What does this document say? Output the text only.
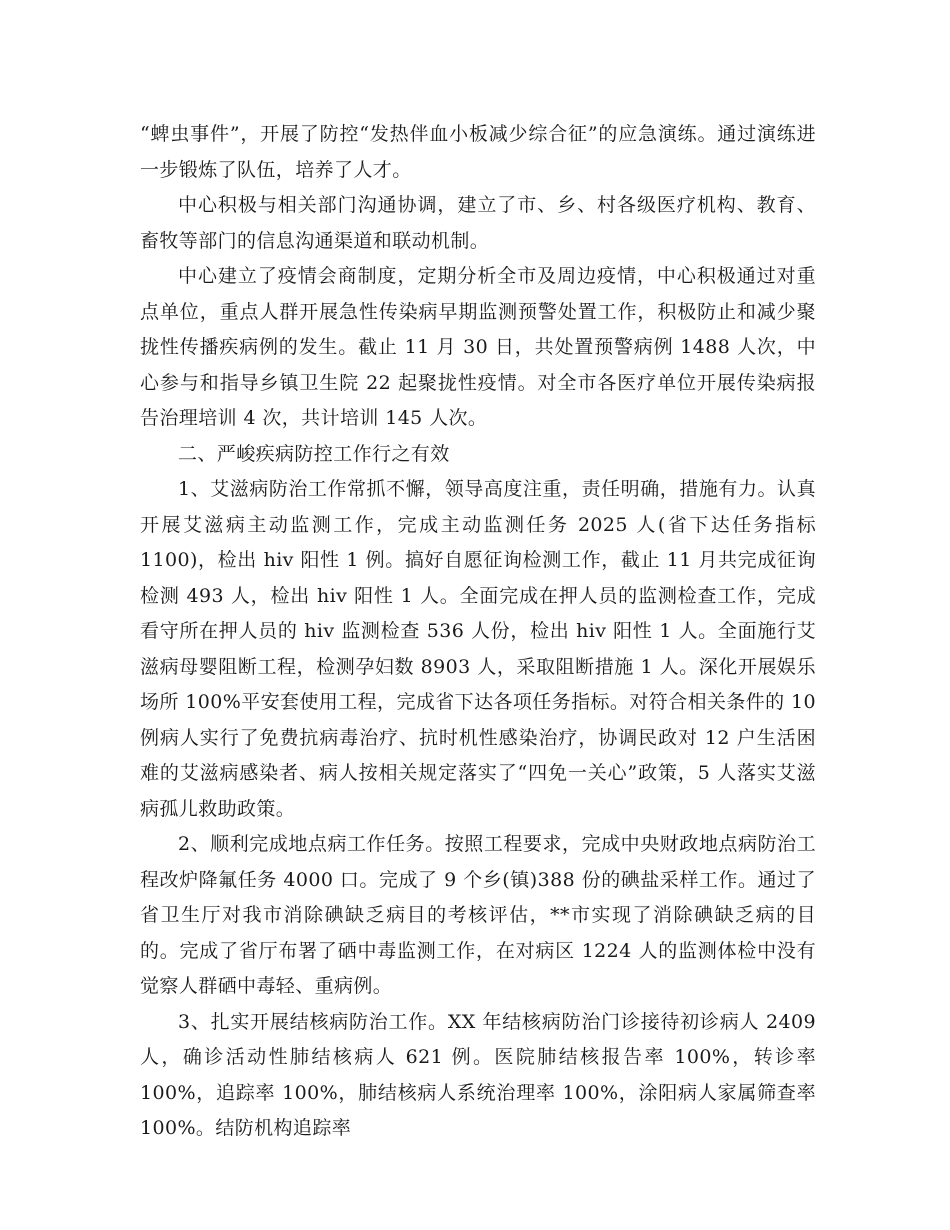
“蜱虫事件”，开展了防控“发热伴血小板减少综合征”的应急演练。通过演练进一步锻炼了队伍，培养了人才。

中心积极与相关部门沟通协调，建立了市、乡、村各级医疗机构、教育、畜牧等部门的信息沟通渠道和联动机制。

中心建立了疫情会商制度，定期分析全市及周边疫情，中心积极通过对重点单位，重点人群开展急性传染病早期监测预警处置工作，积极防止和减少聚拢性传播疾病例的发生。截止 11 月 30 日，共处置预警病例 1488 人次，中心参与和指导乡镇卫生院 22 起聚拢性疫情。对全市各医疗单位开展传染病报告治理培训 4 次，共计培训 145 人次。

二、严峻疾病防控工作行之有效

1、艾滋病防治工作常抓不懈，领导高度注重，责任明确，措施有力。认真开展艾滋病主动监测工作，完成主动监测任务 2025 人(省下达任务指标 1100)，检出 hiv 阳性 1 例。搞好自愿征询检测工作，截止 11 月共完成征询检测 493 人，检出 hiv 阳性 1 人。全面完成在押人员的监测检查工作，完成看守所在押人员的 hiv 监测检查 536 人份，检出 hiv 阳性 1 人。全面施行艾滋病母婴阻断工程，检测孕妇数 8903 人，采取阻断措施 1 人。深化开展娱乐场所 100%平安套使用工程，完成省下达各项任务指标。对符合相关条件的 10 例病人实行了免费抗病毒治疗、抗时机性感染治疗，协调民政对 12 户生活困难的艾滋病感染者、病人按相关规定落实了“四免一关心”政策，5 人落实艾滋病孤儿救助政策。

2、顺利完成地点病工作任务。按照工程要求，完成中央财政地点病防治工程改炉降氟任务 4000 口。完成了 9 个乡(镇)388 份的碘盐采样工作。通过了省卫生厅对我市消除碘缺乏病目的考核评估，**市实现了消除碘缺乏病的目的。完成了省厅布署了硒中毒监测工作，在对病区 1224 人的监测体检中没有觉察人群硒中毒轻、重病例。

3、扎实开展结核病防治工作。XX 年结核病防治门诊接待初诊病人 2409 人，确诊活动性肺结核病人 621 例。医院肺结核报告率 100%，转诊率 100%，追踪率 100%，肺结核病人系统治理率 100%，涂阳病人家属筛查率 100%。结防机构追踪率
